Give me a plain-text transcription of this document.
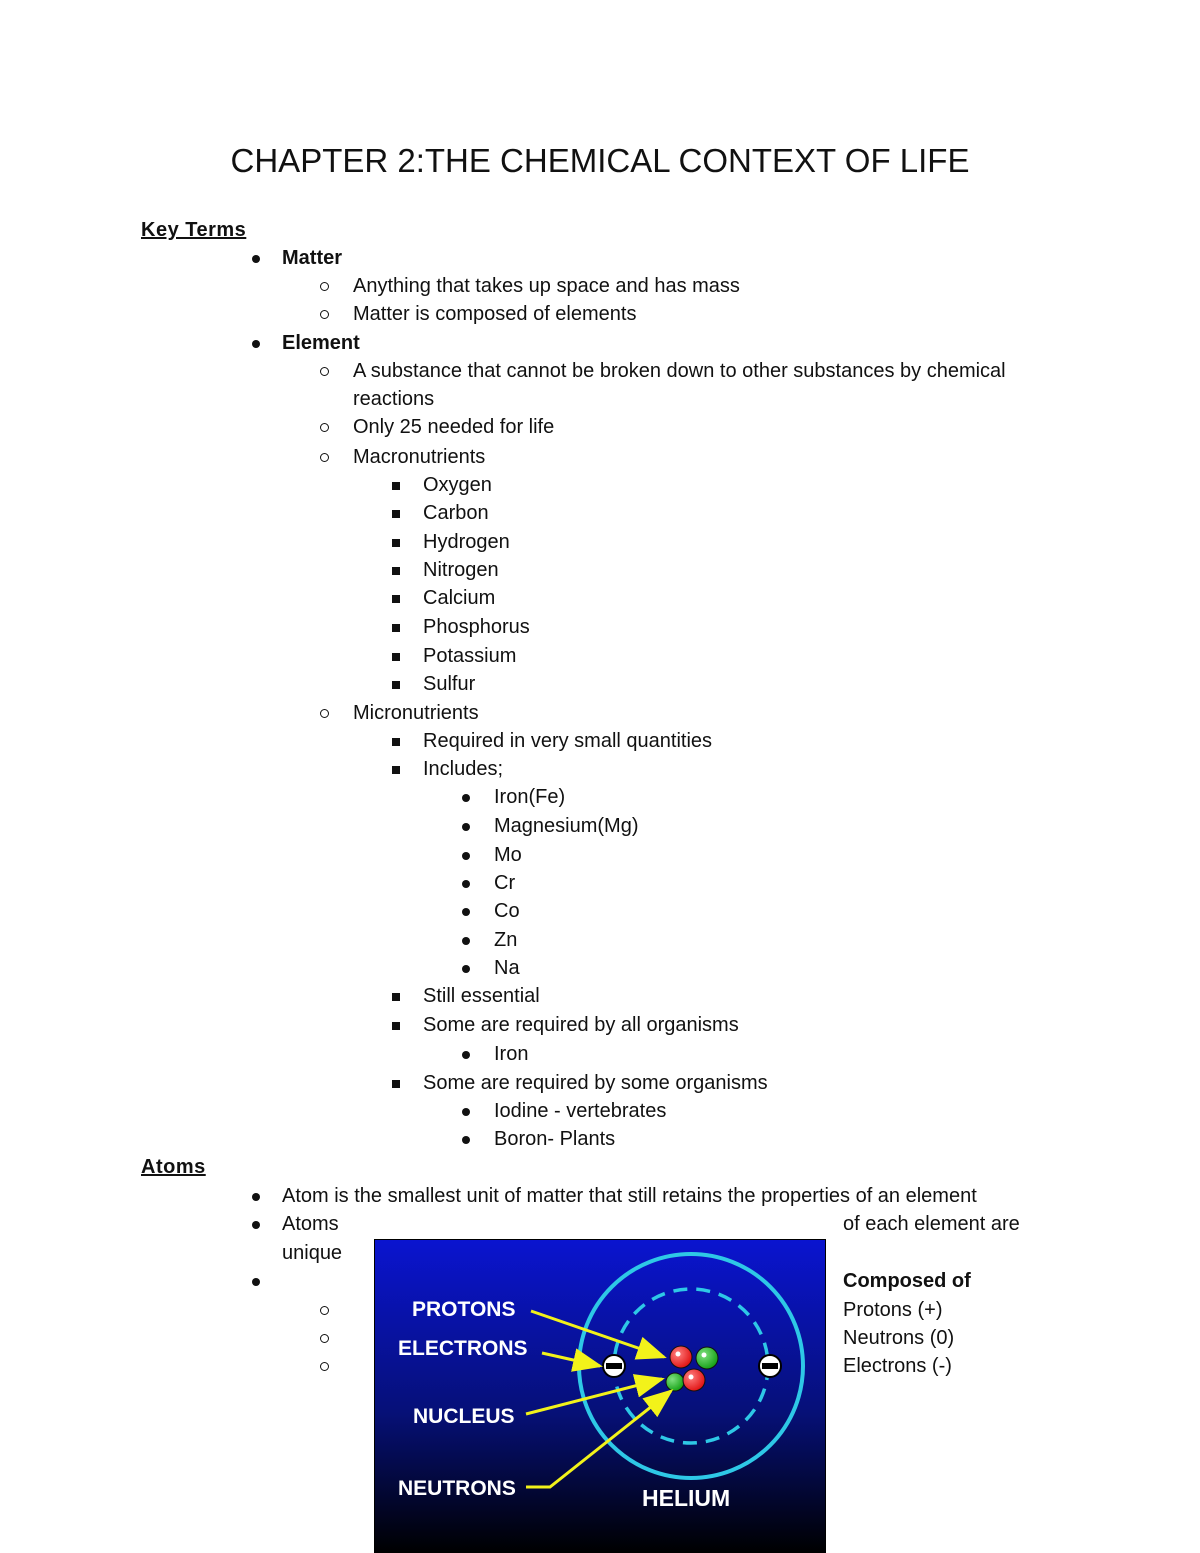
CHAPTER 2:THE CHEMICAL CONTEXT OF LIFE
Key Terms
Matter
Anything that takes up space and has mass
Matter is composed of elements
Element
A substance that cannot be broken down to other substances by chemical
reactions
Only 25 needed for life
Macronutrients
Oxygen
Carbon
Hydrogen
Nitrogen
Calcium
Phosphorus
Potassium
Sulfur
Micronutrients
Required in very small quantities
Includes;
Iron(Fe)
Magnesium(Mg)
Mo
Cr
Co
Zn
Na
Still essential
Some are required by all organisms
Iron
Some are required by some organisms
Iodine - vertebrates
Boron- Plants
Atoms
Atom is the smallest unit of matter that still retains the properties of an element
Atoms	of each element are
unique
Composed of
Protons (+)
Neutrons (0)
Electrons (-)
PROTONS
ELECTRONS
NUCLEUS
NEUTRONS	HELIUM
